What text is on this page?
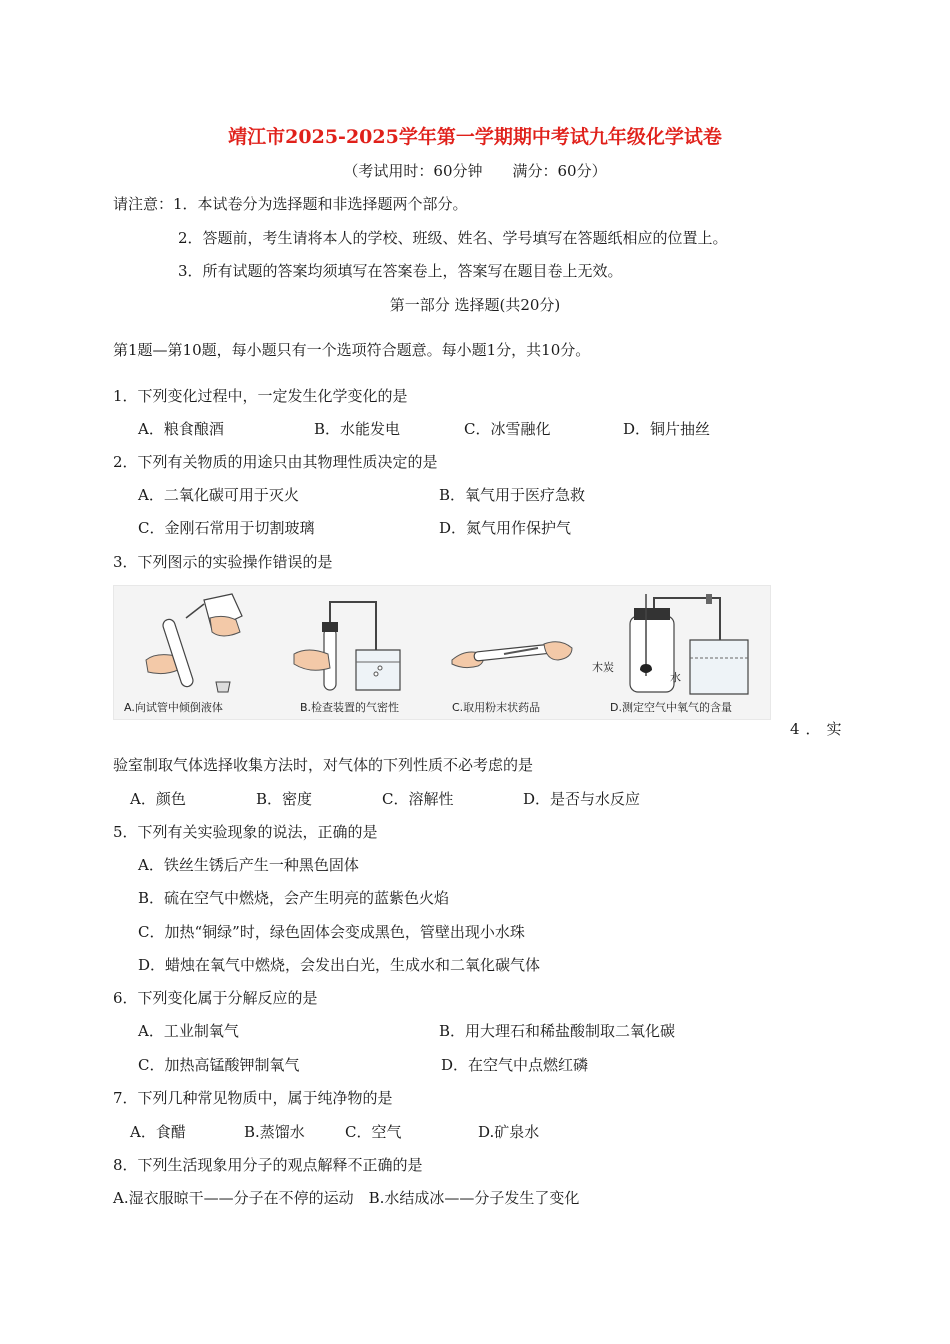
靖江市2025-2025学年第一学期期中考试九年级化学试卷
（考试用时：60分钟　　满分：60分）
请注意：1．本试卷分为选择题和非选择题两个部分。
2．答题前，考生请将本人的学校、班级、姓名、学号填写在答题纸相应的位置上。
3．所有试题的答案均须填写在答案卷上，答案写在题目卷上无效。
第一部分 选择题(共20分)
第1题—第10题，每小题只有一个选项符合题意。每小题1分，共10分。
1．下列变化过程中，一定发生化学变化的是
A．粮食酿酒	B．水能发电	C．冰雪融化	D．铜片抽丝
2．下列有关物质的用途只由其物理性质决定的是
A．二氧化碳可用于灭火	B．氧气用于医疗急救
C．金刚石常用于切割玻璃	D．氮气用作保护气
3．下列图示的实验操作错误的是
A.向试管中倾倒液体	B.检查装置的气密性	C.取用粉末状药品
木炭
水
D.测定空气中氧气的含量
4．实
验室制取气体选择收集方法时，对气体的下列性质不必考虑的是
A．颜色	B．密度	C．溶解性	D．是否与水反应
5．下列有关实验现象的说法，正确的是
A．铁丝生锈后产生一种黑色固体
B．硫在空气中燃烧，会产生明亮的蓝紫色火焰
C．加热“铜绿”时，绿色固体会变成黑色，管壁出现小水珠
D．蜡烛在氧气中燃烧，会发出白光，生成水和二氧化碳气体
6．下列变化属于分解反应的是
A．工业制氧气	B．用大理石和稀盐酸制取二氧化碳
C．加热高锰酸钾制氧气	D．在空气中点燃红磷
7．下列几种常见物质中，属于纯净物的是
A．食醋	B.蒸馏水	C．空气	D.矿泉水
8．下列生活现象用分子的观点解释不正确的是
A.湿衣服晾干——分子在不停的运动　B.水结成冰——分子发生了变化
